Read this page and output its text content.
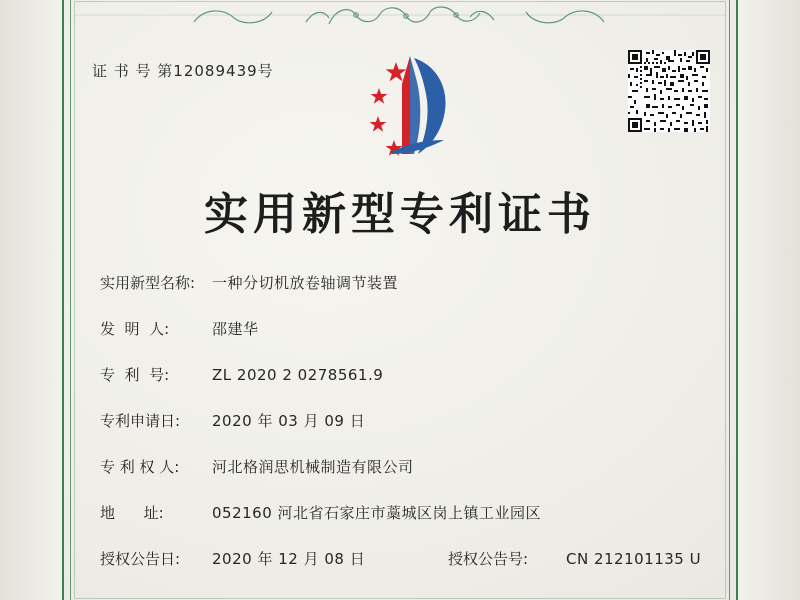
证 书 号 第12089439号
实用新型专利证书
实用新型名称:	一种分切机放卷轴调节装置
发  明  人:	邵建华
专  利  号:	ZL 2020 2 0278561.9
专利申请日:	2020 年 03 月 09 日
专 利 权 人:	河北格润思机械制造有限公司
地      址:	052160 河北省石家庄市藁城区岗上镇工业园区
授权公告日:	2020 年 12 月 08 日	授权公告号:	CN 212101135 U
